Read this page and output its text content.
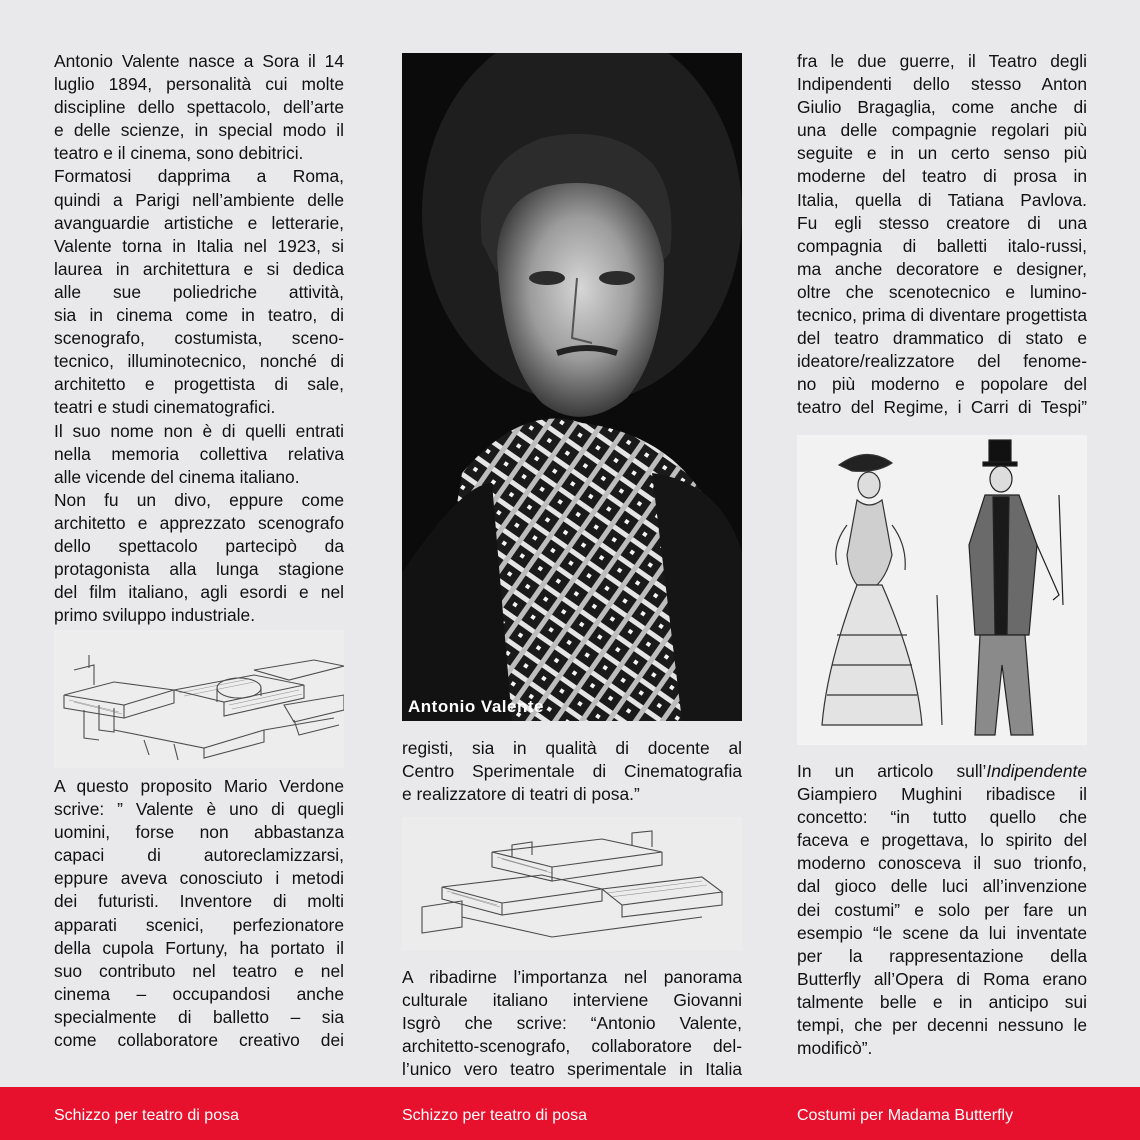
Antonio Valente nasce a Sora il 14
luglio 1894, personalità cui molte
discipline dello spettacolo, dell’arte
e delle scienze, in special modo il
teatro e il cinema, sono debitrici.
Formatosi dapprima a Roma,
quindi a Parigi nell’ambiente delle
avanguardie artistiche e letterarie,
Valente torna in Italia nel 1923, si
laurea in architettura e si dedica
alle sue poliedriche attività,
sia in cinema come in teatro, di
scenografo, costumista, sceno-
tecnico, illuminotecnico, nonché di
architetto e progettista di sale,
teatri e studi cinematografici.
Il suo nome non è di quelli entrati
nella memoria collettiva relativa
alle vicende del cinema italiano.
Non fu un divo, eppure come
architetto e apprezzato scenografo
dello spettacolo partecipò da
protagonista alla lunga stagione
del film italiano, agli esordi e nel
primo sviluppo industriale.
A questo proposito Mario Verdone
scrive: ” Valente è uno di quegli
uomini, forse non abbastanza
capaci di autoreclamizzarsi,
eppure aveva conosciuto i metodi
dei futuristi. Inventore di molti
apparati scenici, perfezionatore
della cupola Fortuny, ha portato il
suo contributo nel teatro e nel
cinema – occupandosi anche
specialmente di balletto – sia
come collaboratore creativo dei
Antonio Valente
registi, sia in qualità di docente al
Centro Sperimentale di Cinematografia
e realizzatore di teatri di posa.”
A ribadirne l’importanza nel panorama
culturale italiano interviene Giovanni
Isgrò che scrive: “Antonio Valente,
architetto-scenografo, collaboratore del-
l’unico vero teatro sperimentale in Italia
fra le due guerre, il Teatro degli
Indipendenti dello stesso Anton
Giulio Bragaglia, come anche di
una delle compagnie regolari più
seguite e in un certo senso più
moderne del teatro di prosa in
Italia, quella di Tatiana Pavlova.
Fu egli stesso creatore di una
compagnia di balletti italo-russi,
ma anche decoratore e designer,
oltre che scenotecnico e lumino-
tecnico, prima di diventare progettista
del teatro drammatico di stato e
ideatore/realizzatore del fenome-
no più moderno e popolare del
teatro del Regime, i Carri di Tespi”
In un articolo sull’Indipendente
Giampiero Mughini ribadisce il
concetto: “in tutto quello che
faceva e progettava, lo spirito del
moderno conosceva il suo trionfo,
dal gioco delle luci all’invenzione
dei costumi” e solo per fare un
esempio “le scene da lui inventate
per la rappresentazione della
Butterfly all’Opera di Roma erano
talmente belle e in anticipo sui
tempi, che per decenni nessuno le
modificò”.
Schizzo per teatro di posa	Schizzo per teatro di posa	Costumi per Madama Butterfly
